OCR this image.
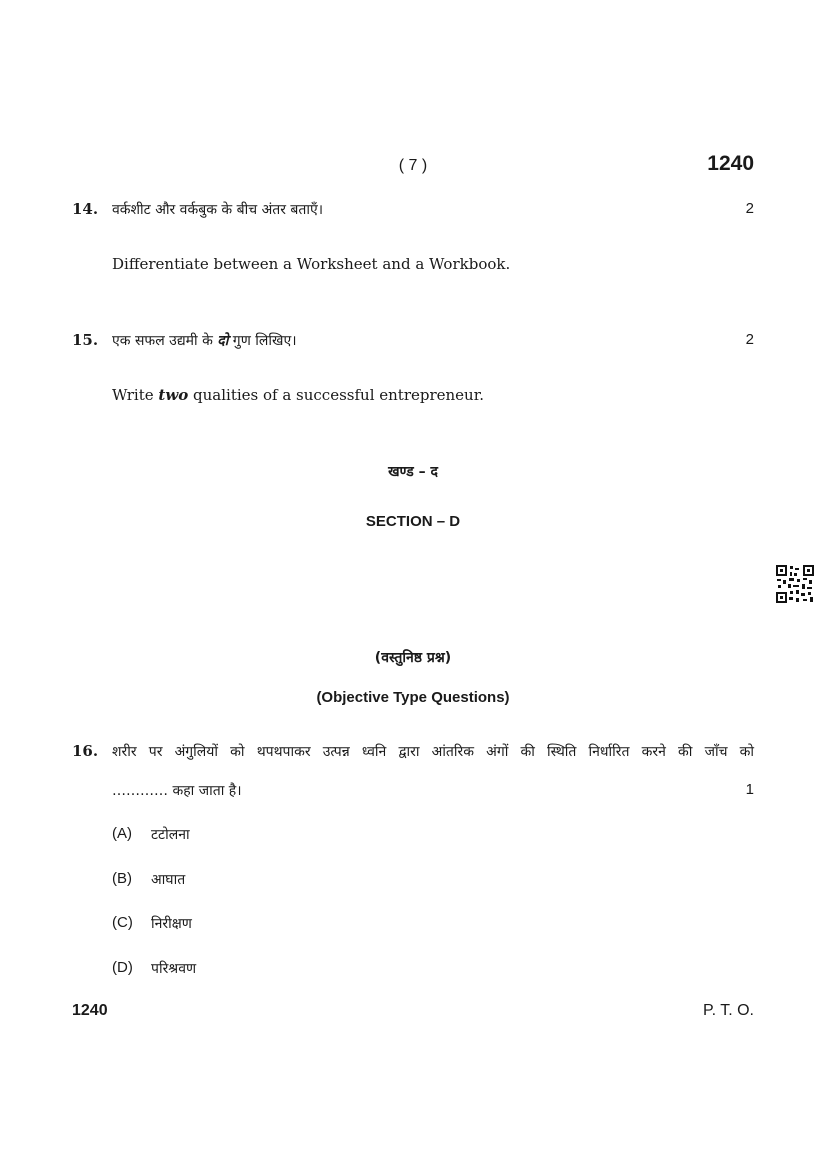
( 7 )	1240
14. वर्कशीट और वर्कबुक के बीच अंतर बताएँ।	2
Differentiate between a Worksheet and a Workbook.
15. एक सफल उद्यमी के दो गुण लिखिए।	2
Write two qualities of a successful entrepreneur.
खण्ड – द
SECTION – D
(वस्तुनिष्ठ प्रश्न)
(Objective Type Questions)
16. शरीर पर अंगुलियों को थपथपाकर उत्पन्न ध्वनि द्वारा आंतरिक अंगों की स्थिति निर्धारित करने की जाँच को
………… कहा जाता है।	1
(A) टटोलना
(B) आघात
(C) निरीक्षण
(D) परिश्रवण
1240	P. T. O.
